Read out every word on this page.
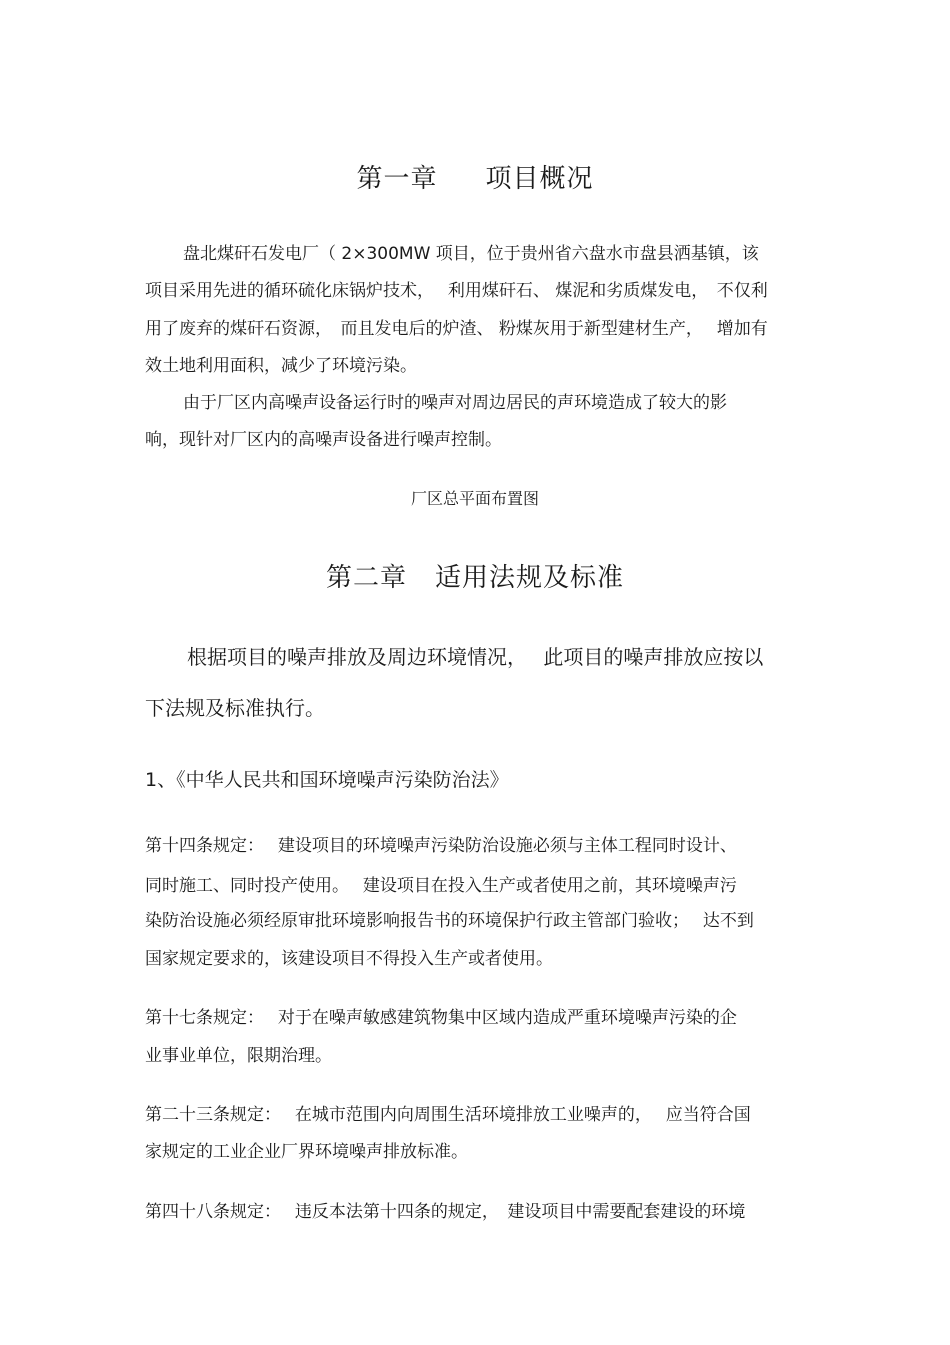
第一章 项目概况
盘北煤矸石发电厂（ 2×300MW 项目，位于贵州省六盘水市盘县洒基镇，该
项目采用先进的循环硫化床锅炉技术，　 利用煤矸石、 煤泥和劣质煤发电，　不仅利
用了废弃的煤矸石资源，　而且发电后的炉渣、 粉煤灰用于新型建材生产，　 增加有
效土地利用面积，减少了环境污染。
由于厂区内高噪声设备运行时的噪声对周边居民的声环境造成了较大的影
响，现针对厂区内的高噪声设备进行噪声控制。
厂区总平面布置图
第二章 适用法规及标准
根据项目的噪声排放及周边环境情况，　 此项目的噪声排放应按以
下法规及标准执行。
1、《中华人民共和国环境噪声污染防治法》
第十四条规定：　 建设项目的环境噪声污染防治设施必须与主体工程同时设计、
同时施工、同时投产使用。　 建设项目在投入生产或者使用之前，其环境噪声污
染防治设施必须经原审批环境影响报告书的环境保护行政主管部门验收；　 达不到
国家规定要求的，该建设项目不得投入生产或者使用。
第十七条规定：　 对于在噪声敏感建筑物集中区域内造成严重环境噪声污染的企
业事业单位，限期治理。
第二十三条规定：　 在城市范围内向周围生活环境排放工业噪声的，　 应当符合国
家规定的工业企业厂界环境噪声排放标准。
第四十八条规定：　 违反本法第十四条的规定，　建设项目中需要配套建设的环境
